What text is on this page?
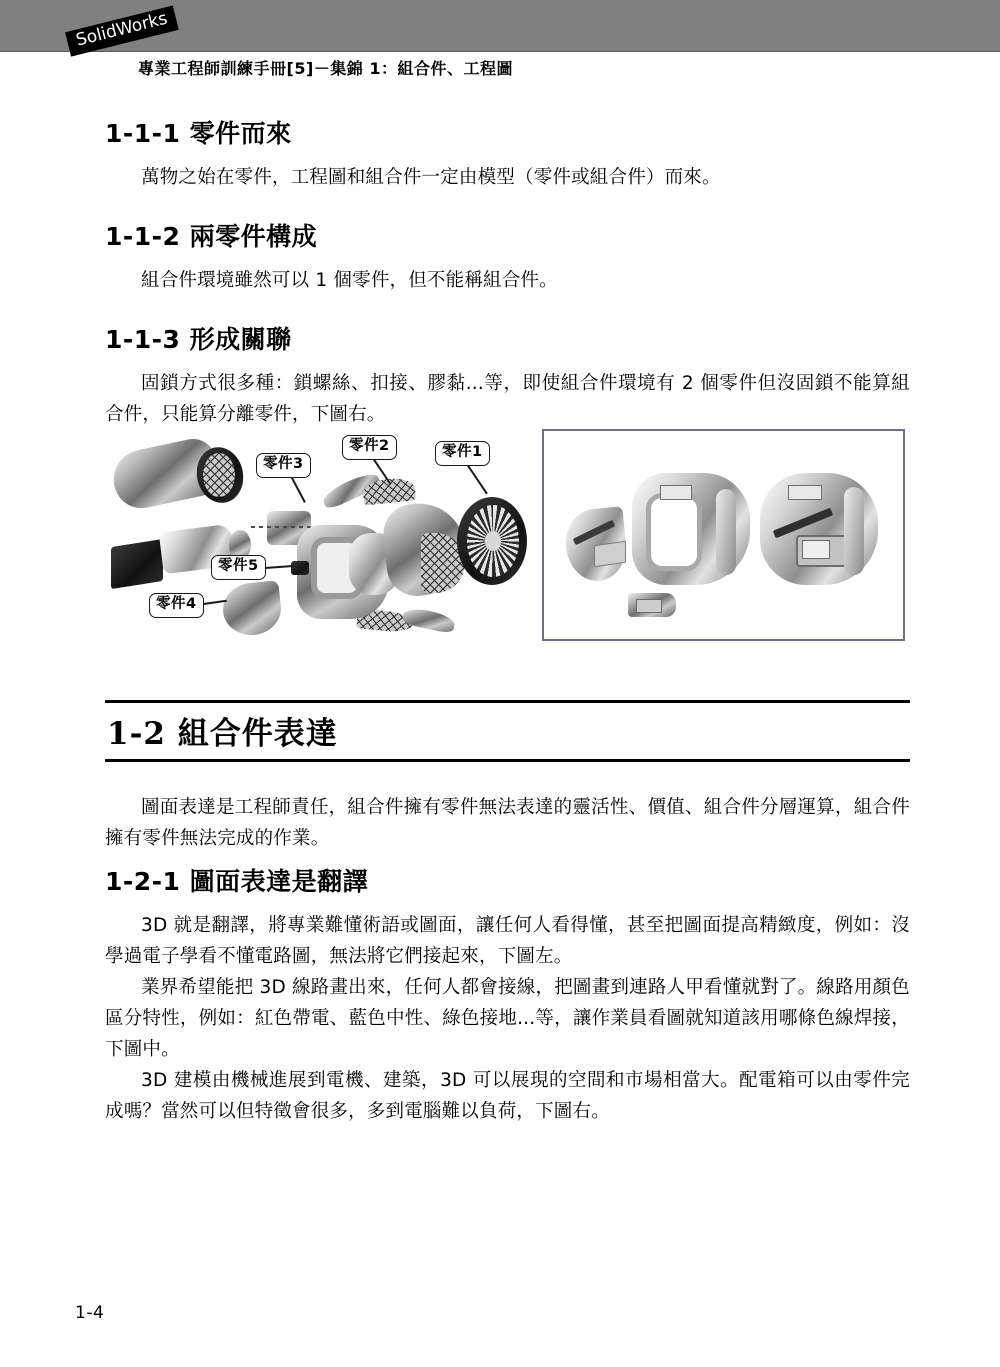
SolidWorks
專業工程師訓練手冊[5]－集錦 1：組合件、工程圖
1-1-1 零件而來
萬物之始在零件，工程圖和組合件一定由模型（零件或組合件）而來。
1-1-2 兩零件構成
組合件環境雖然可以 1 個零件，但不能稱組合件。
1-1-3 形成關聯
固鎖方式很多種：鎖螺絲、扣接、膠黏...等，即使組合件環境有 2 個零件但沒固鎖不能算組合件，只能算分離零件，下圖右。
零件1
零件2
零件3
零件4
零件5
1-2 組合件表達
圖面表達是工程師責任，組合件擁有零件無法表達的靈活性、價值、組合件分層運算，組合件擁有零件無法完成的作業。
1-2-1 圖面表達是翻譯
3D 就是翻譯，將專業難懂術語或圖面，讓任何人看得懂，甚至把圖面提高精緻度，例如：沒學過電子學看不懂電路圖，無法將它們接起來，下圖左。
業界希望能把 3D 線路畫出來，任何人都會接線，把圖畫到連路人甲看懂就對了。線路用顏色區分特性，例如：紅色帶電、藍色中性、綠色接地...等，讓作業員看圖就知道該用哪條色線焊接，下圖中。
3D 建模由機械進展到電機、建築，3D 可以展現的空間和市場相當大。配電箱可以由零件完成嗎？當然可以但特徵會很多，多到電腦難以負荷，下圖右。
1-4
